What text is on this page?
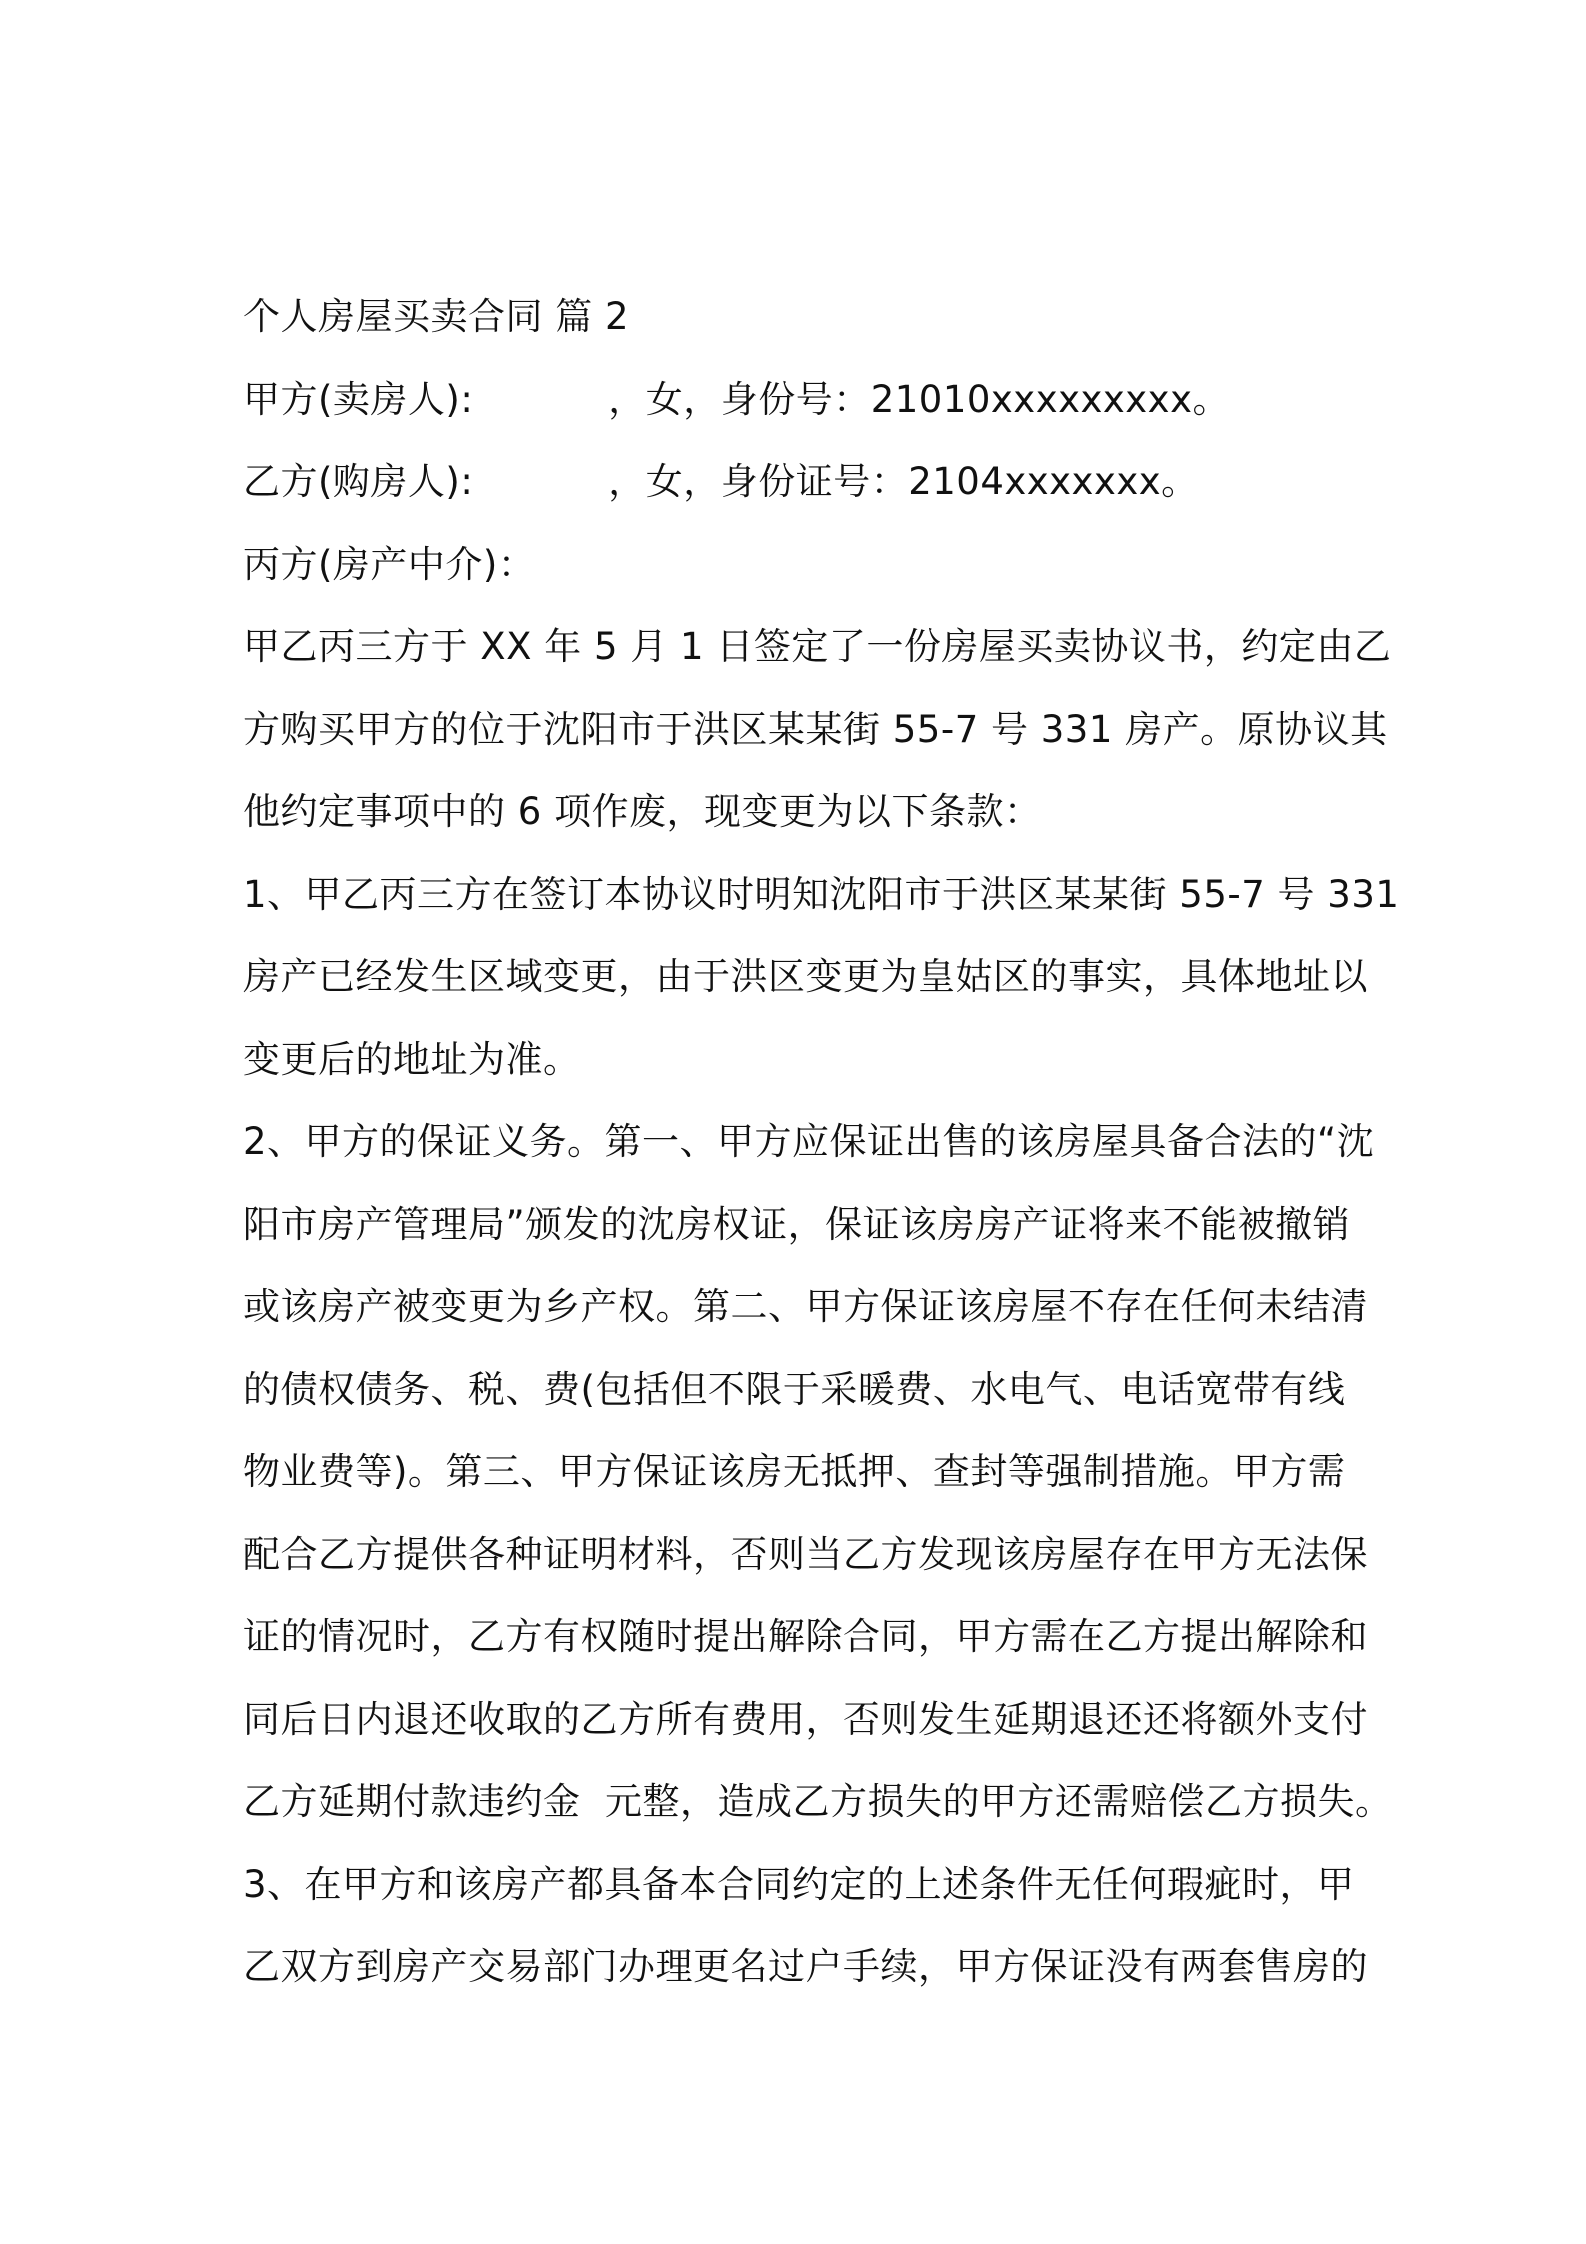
个人房屋买卖合同 篇 2
甲方(卖房人):           ，女，身份号：21010xxxxxxxxx。
乙方(购房人):           ，女，身份证号：2104xxxxxxx。
丙方(房产中介)：
甲乙丙三方于 XX 年 5 月 1 日签定了一份房屋买卖协议书，约定由乙
方购买甲方的位于沈阳市于洪区某某街 55-7 号 331 房产。原协议其
他约定事项中的 6 项作废，现变更为以下条款：
1、甲乙丙三方在签订本协议时明知沈阳市于洪区某某街 55-7 号 331
房产已经发生区域变更，由于洪区变更为皇姑区的事实，具体地址以
变更后的地址为准。
2、甲方的保证义务。第一、甲方应保证出售的该房屋具备合法的“沈
阳市房产管理局”颁发的沈房权证，保证该房房产证将来不能被撤销
或该房产被变更为乡产权。第二、甲方保证该房屋不存在任何未结清
的债权债务、税、费(包括但不限于采暖费、水电气、电话宽带有线
物业费等)。第三、甲方保证该房无抵押、查封等强制措施。甲方需
配合乙方提供各种证明材料，否则当乙方发现该房屋存在甲方无法保
证的情况时，乙方有权随时提出解除合同，甲方需在乙方提出解除和
同后日内退还收取的乙方所有费用，否则发生延期退还还将额外支付
乙方延期付款违约金  元整，造成乙方损失的甲方还需赔偿乙方损失。
3、在甲方和该房产都具备本合同约定的上述条件无任何瑕疵时，甲
乙双方到房产交易部门办理更名过户手续，甲方保证没有两套售房的
